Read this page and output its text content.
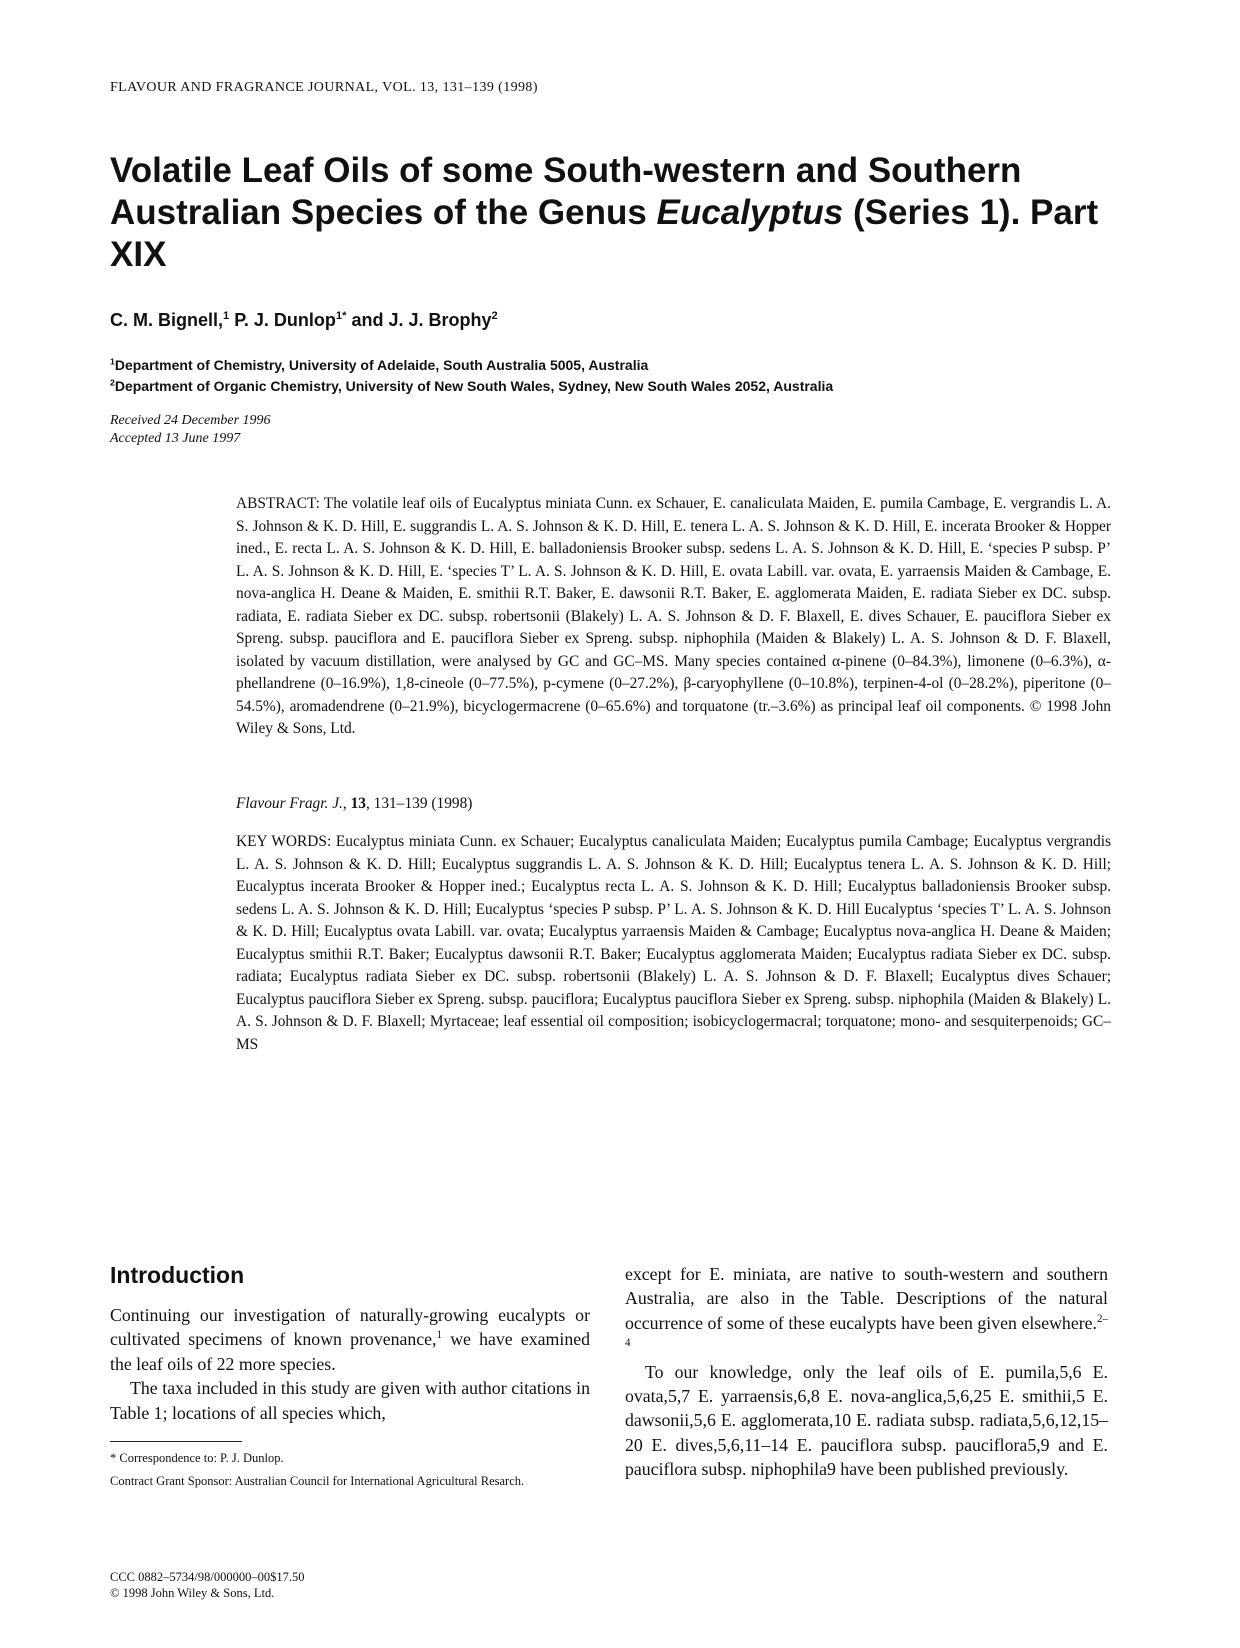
FLAVOUR AND FRAGRANCE JOURNAL, VOL. 13, 131–139 (1998)
Volatile Leaf Oils of some South-western and Southern Australian Species of the Genus Eucalyptus (Series 1). Part XIX
C. M. Bignell,$^1$ P. J. Dunlop$^{1*}$ and J. J. Brophy$^2$
$^1$Department of Chemistry, University of Adelaide, South Australia 5005, Australia
$^2$Department of Organic Chemistry, University of New South Wales, Sydney, New South Wales 2052, Australia
Received 24 December 1996
Accepted 13 June 1997

ABSTRACT: The volatile leaf oils of Eucalyptus miniata Cunn. ex Schauer, E. canaliculata Maiden, E. pumila Cambage, E. vergrandis L. A. S. Johnson & K. D. Hill, E. suggrandis L. A. S. Johnson & K. D. Hill, E. tenera L. A. S. Johnson & K. D. Hill, E. incerata Brooker & Hopper ined., E. recta L. A. S. Johnson & K. D. Hill, E. balladoniensis Brooker subsp. sedens L. A. S. Johnson & K. D. Hill, E. ‘species P subsp. P’ L. A. S. Johnson & K. D. Hill, E. ‘species T’ L. A. S. Johnson & K. D. Hill, E. ovata Labill. var. ovata, E. yarraensis Maiden & Cambage, E. nova-anglica H. Deane & Maiden, E. smithii R.T. Baker, E. dawsonii R.T. Baker, E. agglomerata Maiden, E. radiata Sieber ex DC. subsp. radiata, E. radiata Sieber ex DC. subsp. robertsonii (Blakely) L. A. S. Johnson & D. F. Blaxell, E. dives Schauer, E. pauciflora Sieber ex Spreng. subsp. pauciflora and E. pauciflora Sieber ex Spreng. subsp. niphophila (Maiden & Blakely) L. A. S. Johnson & D. F. Blaxell, isolated by vacuum distillation, were analysed by GC and GC–MS. Many species contained α-pinene (0–84.3%), limonene (0–6.3%), α-phellandrene (0–16.9%), 1,8-cineole (0–77.5%), p-cymene (0–27.2%), β-caryophyllene (0–10.8%), terpinen-4-ol (0–28.2%), piperitone (0–54.5%), aromadendrene (0–21.9%), bicyclogermacrene (0–65.6%) and torquatone (tr.–3.6%) as principal leaf oil components. © 1998 John Wiley & Sons, Ltd.

Flavour Fragr. J., 13, 131–139 (1998)

KEY WORDS: Eucalyptus miniata Cunn. ex Schauer; Eucalyptus canaliculata Maiden; Eucalyptus pumila Cambage; Eucalyptus vergrandis L. A. S. Johnson & K. D. Hill; Eucalyptus suggrandis L. A. S. Johnson & K. D. Hill; Eucalyptus tenera L. A. S. Johnson & K. D. Hill; Eucalyptus incerata Brooker & Hopper ined.; Eucalyptus recta L. A. S. Johnson & K. D. Hill; Eucalyptus balladoniensis Brooker subsp. sedens L. A. S. Johnson & K. D. Hill; Eucalyptus ‘species P subsp. P’ L. A. S. Johnson & K. D. Hill Eucalyptus ‘species T’ L. A. S. Johnson & K. D. Hill; Eucalyptus ovata Labill. var. ovata; Eucalyptus yarraensis Maiden & Cambage; Eucalyptus nova-anglica H. Deane & Maiden; Eucalyptus smithii R.T. Baker; Eucalyptus dawsonii R.T. Baker; Eucalyptus agglomerata Maiden; Eucalyptus radiata Sieber ex DC. subsp. radiata; Eucalyptus radiata Sieber ex DC. subsp. robertsonii (Blakely) L. A. S. Johnson & D. F. Blaxell; Eucalyptus dives Schauer; Eucalyptus pauciflora Sieber ex Spreng. subsp. pauciflora; Eucalyptus pauciflora Sieber ex Spreng. subsp. niphophila (Maiden & Blakely) L. A. S. Johnson & D. F. Blaxell; Myrtaceae; leaf essential oil composition; isobicyclogermacral; torquatone; mono- and sesquiterpenoids; GC–MS

Introduction

Continuing our investigation of naturally-growing eucalypts or cultivated specimens of known provenance,$^1$ we have examined the leaf oils of 22 more species.

The taxa included in this study are given with author citations in Table 1; locations of all species which,

* Correspondence to: P. J. Dunlop.

Contract Grant Sponsor: Australian Council for International Agricultural Resarch.

except for E. miniata, are native to south-western and southern Australia, are also in the Table. Descriptions of the natural occurrence of some of these eucalypts have been given elsewhere.$^{2-4}$

To our knowledge, only the leaf oils of E. pumila,5,6 E. ovata,5,7 E. yarraensis,6,8 E. nova-anglica,5,6,25 E. smithii,5 E. dawsonii,5,6 E. agglomerata,10 E. radiata subsp. radiata,5,6,12,15–20 E. dives,5,6,11–14 E. pauciflora subsp. pauciflora5,9 and E. pauciflora subsp. niphophila9 have been published previously.

CCC 0882–5734/98/000000–00$17.50
© 1998 John Wiley & Sons, Ltd.
